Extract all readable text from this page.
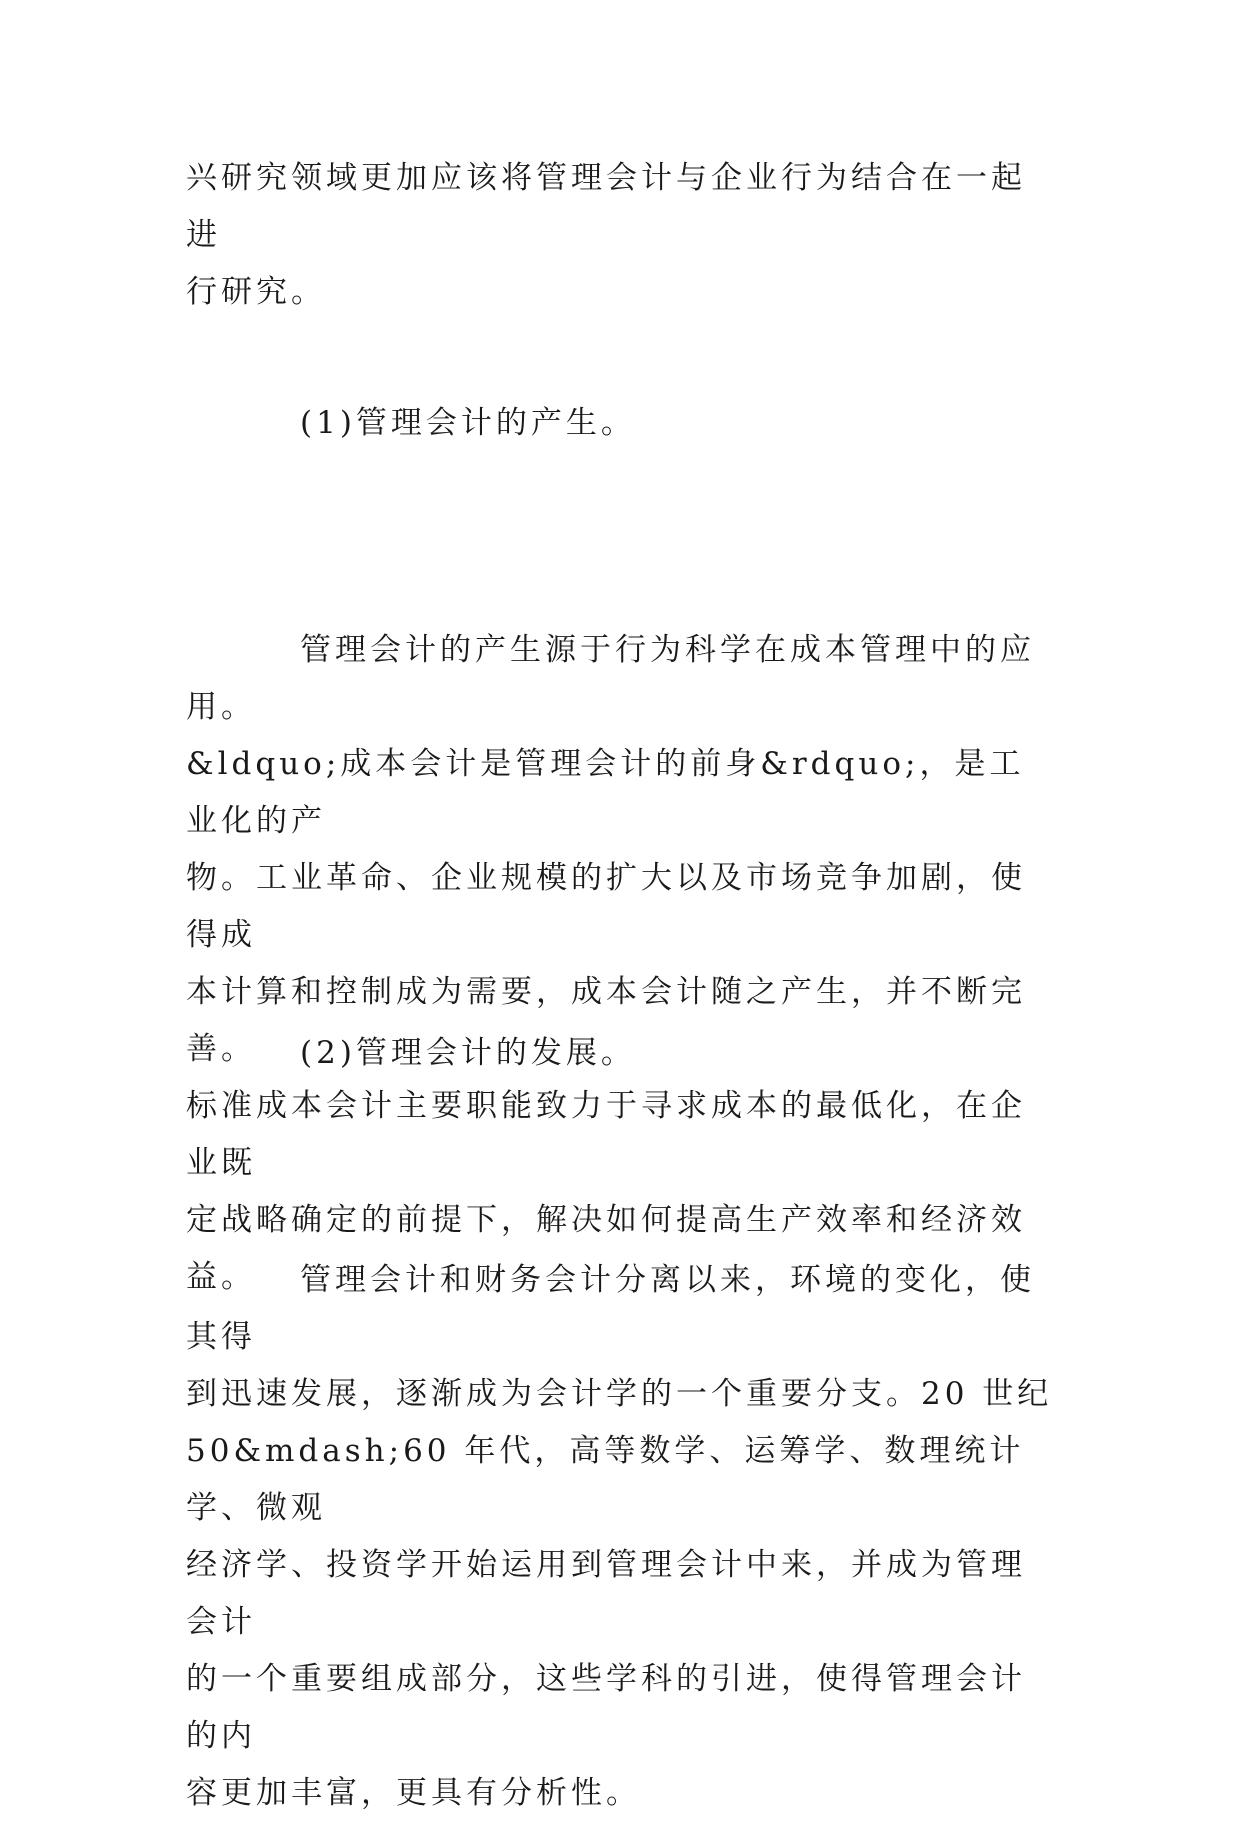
兴研究领域更加应该将管理会计与企业行为结合在一起进
行研究。

(1)管理会计的产生。

管理会计的产生源于行为科学在成本管理中的应用。
&ldquo;成本会计是管理会计的前身&rdquo;，是工业化的产
物。工业革命、企业规模的扩大以及市场竞争加剧，使得成
本计算和控制成为需要，成本会计随之产生，并不断完善。
标准成本会计主要职能致力于寻求成本的最低化，在企业既
定战略确定的前提下，解决如何提高生产效率和经济效益。

(2)管理会计的发展。

管理会计和财务会计分离以来，环境的变化，使其得
到迅速发展，逐渐成为会计学的一个重要分支。20 世纪
50&mdash;60 年代，高等数学、运筹学、数理统计学、微观
经济学、投资学开始运用到管理会计中来，并成为管理会计
的一个重要组成部分，这些学科的引进，使得管理会计的内
容更加丰富，更具有分析性。
